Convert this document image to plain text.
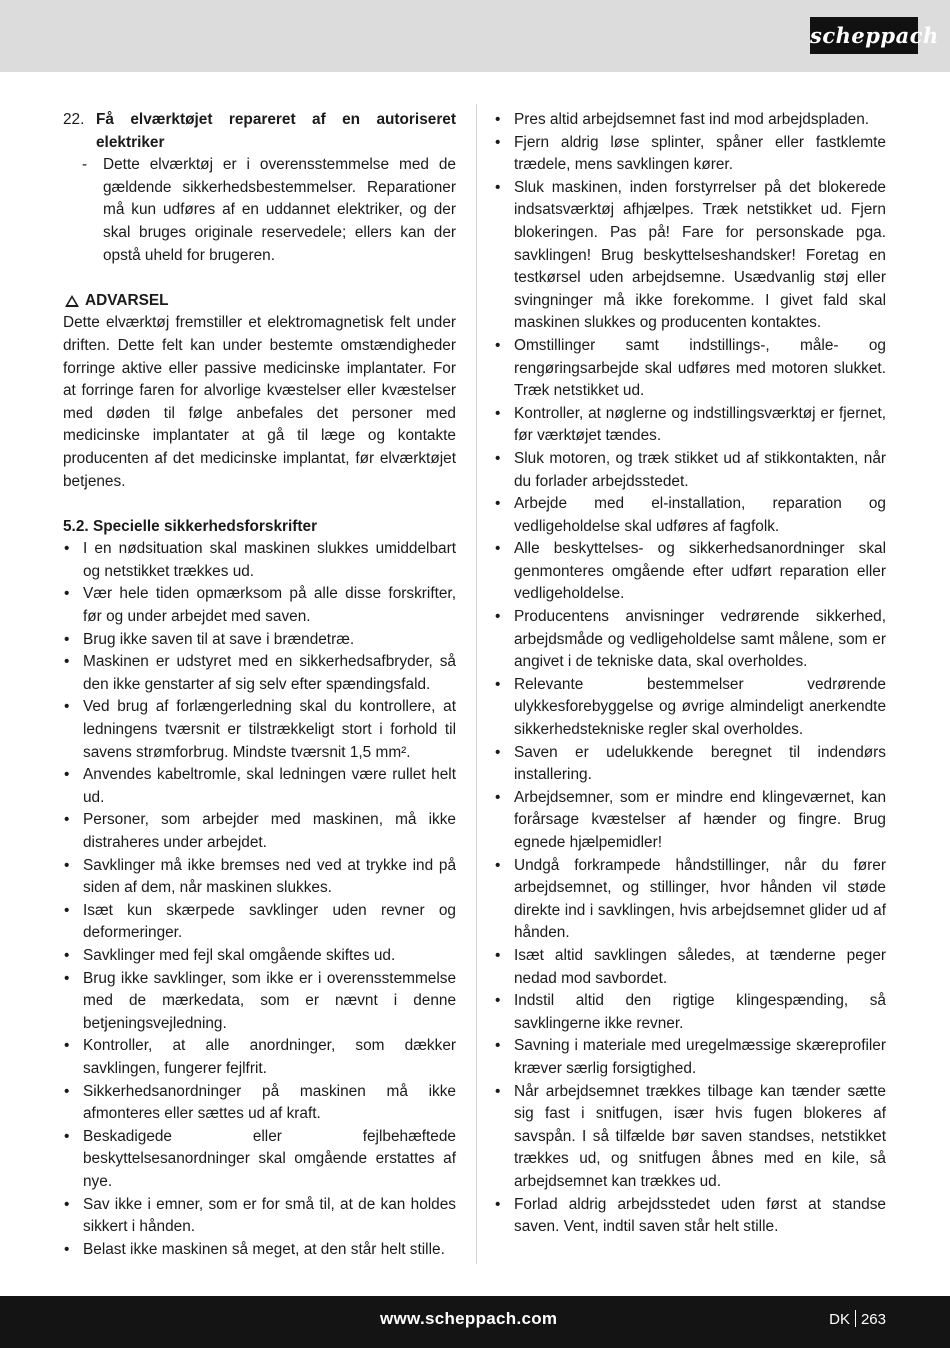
scheppach
22. Få elværktøjet repareret af en autoriseret elektriker
-	Dette elværktøj er i overensstemmelse med de gældende sikkerhedsbestemmelser. Reparationer må kun udføres af en uddannet elektriker, og der skal bruges originale reservedele; ellers kan der opstå uheld for brugeren.
ADVARSEL
Dette elværktøj fremstiller et elektromagnetisk felt under driften. Dette felt kan under bestemte omstændigheder forringe aktive eller passive medicinske implantater. For at forringe faren for alvorlige kvæstelser eller kvæstelser med døden til følge anbefales det personer med medicinske implantater at gå til læge og kontakte producenten af det medicinske implantat, før elværktøjet betjenes.
5.2. Specielle sikkerhedsforskrifter
• I en nødsituation skal maskinen slukkes umiddelbart og netstikket trækkes ud.
• Vær hele tiden opmærksom på alle disse forskrifter, før og under arbejdet med saven.
• Brug ikke saven til at save i brændetræ.
• Maskinen er udstyret med en sikkerhedsafbryder, så den ikke genstarter af sig selv efter spændingsfald.
• Ved brug af forlængerledning skal du kontrollere, at ledningens tværsnit er tilstrækkeligt stort i forhold til savens strømforbrug. Mindste tværsnit 1,5 mm².
• Anvendes kabeltromle, skal ledningen være rullet helt ud.
• Personer, som arbejder med maskinen, må ikke distraheres under arbejdet.
• Savklinger må ikke bremses ned ved at trykke ind på siden af dem, når maskinen slukkes.
• Isæt kun skærpede savklinger uden revner og deformeringer.
• Savklinger med fejl skal omgående skiftes ud.
• Brug ikke savklinger, som ikke er i overensstemmelse med de mærkedata, som er nævnt i denne betjeningsvejledning.
• Kontroller, at alle anordninger, som dækker savklingen, fungerer fejlfrit.
• Sikkerhedsanordninger på maskinen må ikke afmonteres eller sættes ud af kraft.
• Beskadigede eller fejlbehæftede beskyttelsesanordninger skal omgående erstattes af nye.
• Sav ikke i emner, som er for små til, at de kan holdes sikkert i hånden.
• Belast ikke maskinen så meget, at den står helt stille.
• Pres altid arbejdsemnet fast ind mod arbejdspladen.
• Fjern aldrig løse splinter, spåner eller fastklemte trædele, mens savklingen kører.
• Sluk maskinen, inden forstyrrelser på det blokerede indsatsværktøj afhjælpes. Træk netstikket ud. Fjern blokeringen. Pas på! Fare for personskade pga. savklingen! Brug beskyttelseshandsker! Foretag en testkørsel uden arbejdsemne. Usædvanlig støj eller svingninger må ikke forekomme. I givet fald skal maskinen slukkes og producenten kontaktes.
• Omstillinger samt indstillings-, måle- og rengøringsarbejde skal udføres med motoren slukket. Træk netstikket ud.
• Kontroller, at nøglerne og indstillingsværktøj er fjernet, før værktøjet tændes.
• Sluk motoren, og træk stikket ud af stikkontakten, når du forlader arbejdsstedet.
• Arbejde med el-installation, reparation og vedligeholdelse skal udføres af fagfolk.
• Alle beskyttelses- og sikkerhedsanordninger skal genmonteres omgående efter udført reparation eller vedligeholdelse.
• Producentens anvisninger vedrørende sikkerhed, arbejdsmåde og vedligeholdelse samt målene, som er angivet i de tekniske data, skal overholdes.
• Relevante bestemmelser vedrørende ulykkesforebyggelse og øvrige almindeligt anerkendte sikkerhedstekniske regler skal overholdes.
• Saven er udelukkende beregnet til indendørs installering.
• Arbejdsemner, som er mindre end klingeværnet, kan forårsage kvæstelser af hænder og fingre. Brug egnede hjælpemidler!
• Undgå forkrampede håndstillinger, når du fører arbejdsemnet, og stillinger, hvor hånden vil støde direkte ind i savklingen, hvis arbejdsemnet glider ud af hånden.
• Isæt altid savklingen således, at tænderne peger nedad mod savbordet.
• Indstil altid den rigtige klingespænding, så savklingerne ikke revner.
• Savning i materiale med uregelmæssige skæreprofiler kræver særlig forsigtighed.
• Når arbejdsemnet trækkes tilbage kan tænder sætte sig fast i snitfugen, især hvis fugen blokeres af savspån. I så tilfælde bør saven standses, netstikket trækkes ud, og snitfugen åbnes med en kile, så arbejdsemnet kan trækkes ud.
• Forlad aldrig arbejdsstedet uden først at standse saven. Vent, indtil saven står helt stille.
www.scheppach.com	DK 263
